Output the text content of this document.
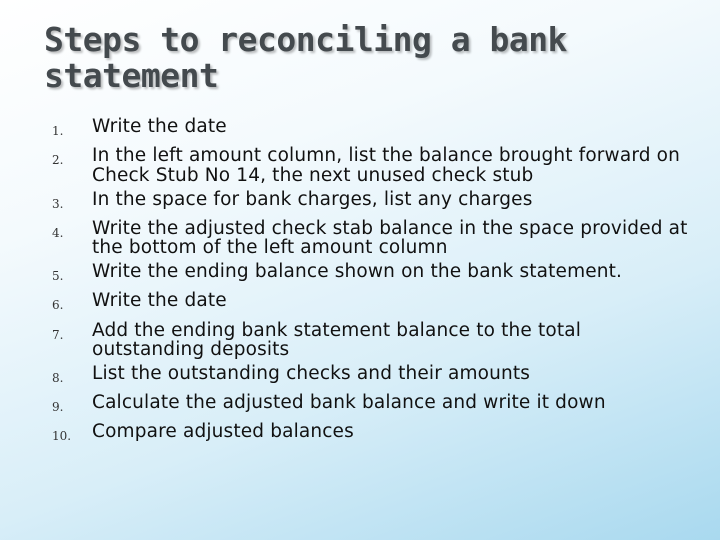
Steps to reconciling a bank statement
1.	Write the date
2.	In the left amount column, list the balance brought forward on Check Stub No 14, the next unused check stub
3.	In the space for bank charges, list any charges
4.	Write the adjusted check stab balance in the space provided at the bottom of the left amount column
5.	Write the ending balance shown on the bank statement.
6.	Write the date
7.	Add the ending bank statement balance to the total outstanding deposits
8.	List the outstanding checks and their amounts
9.	Calculate the adjusted bank balance and write it down
10.	Compare adjusted balances
